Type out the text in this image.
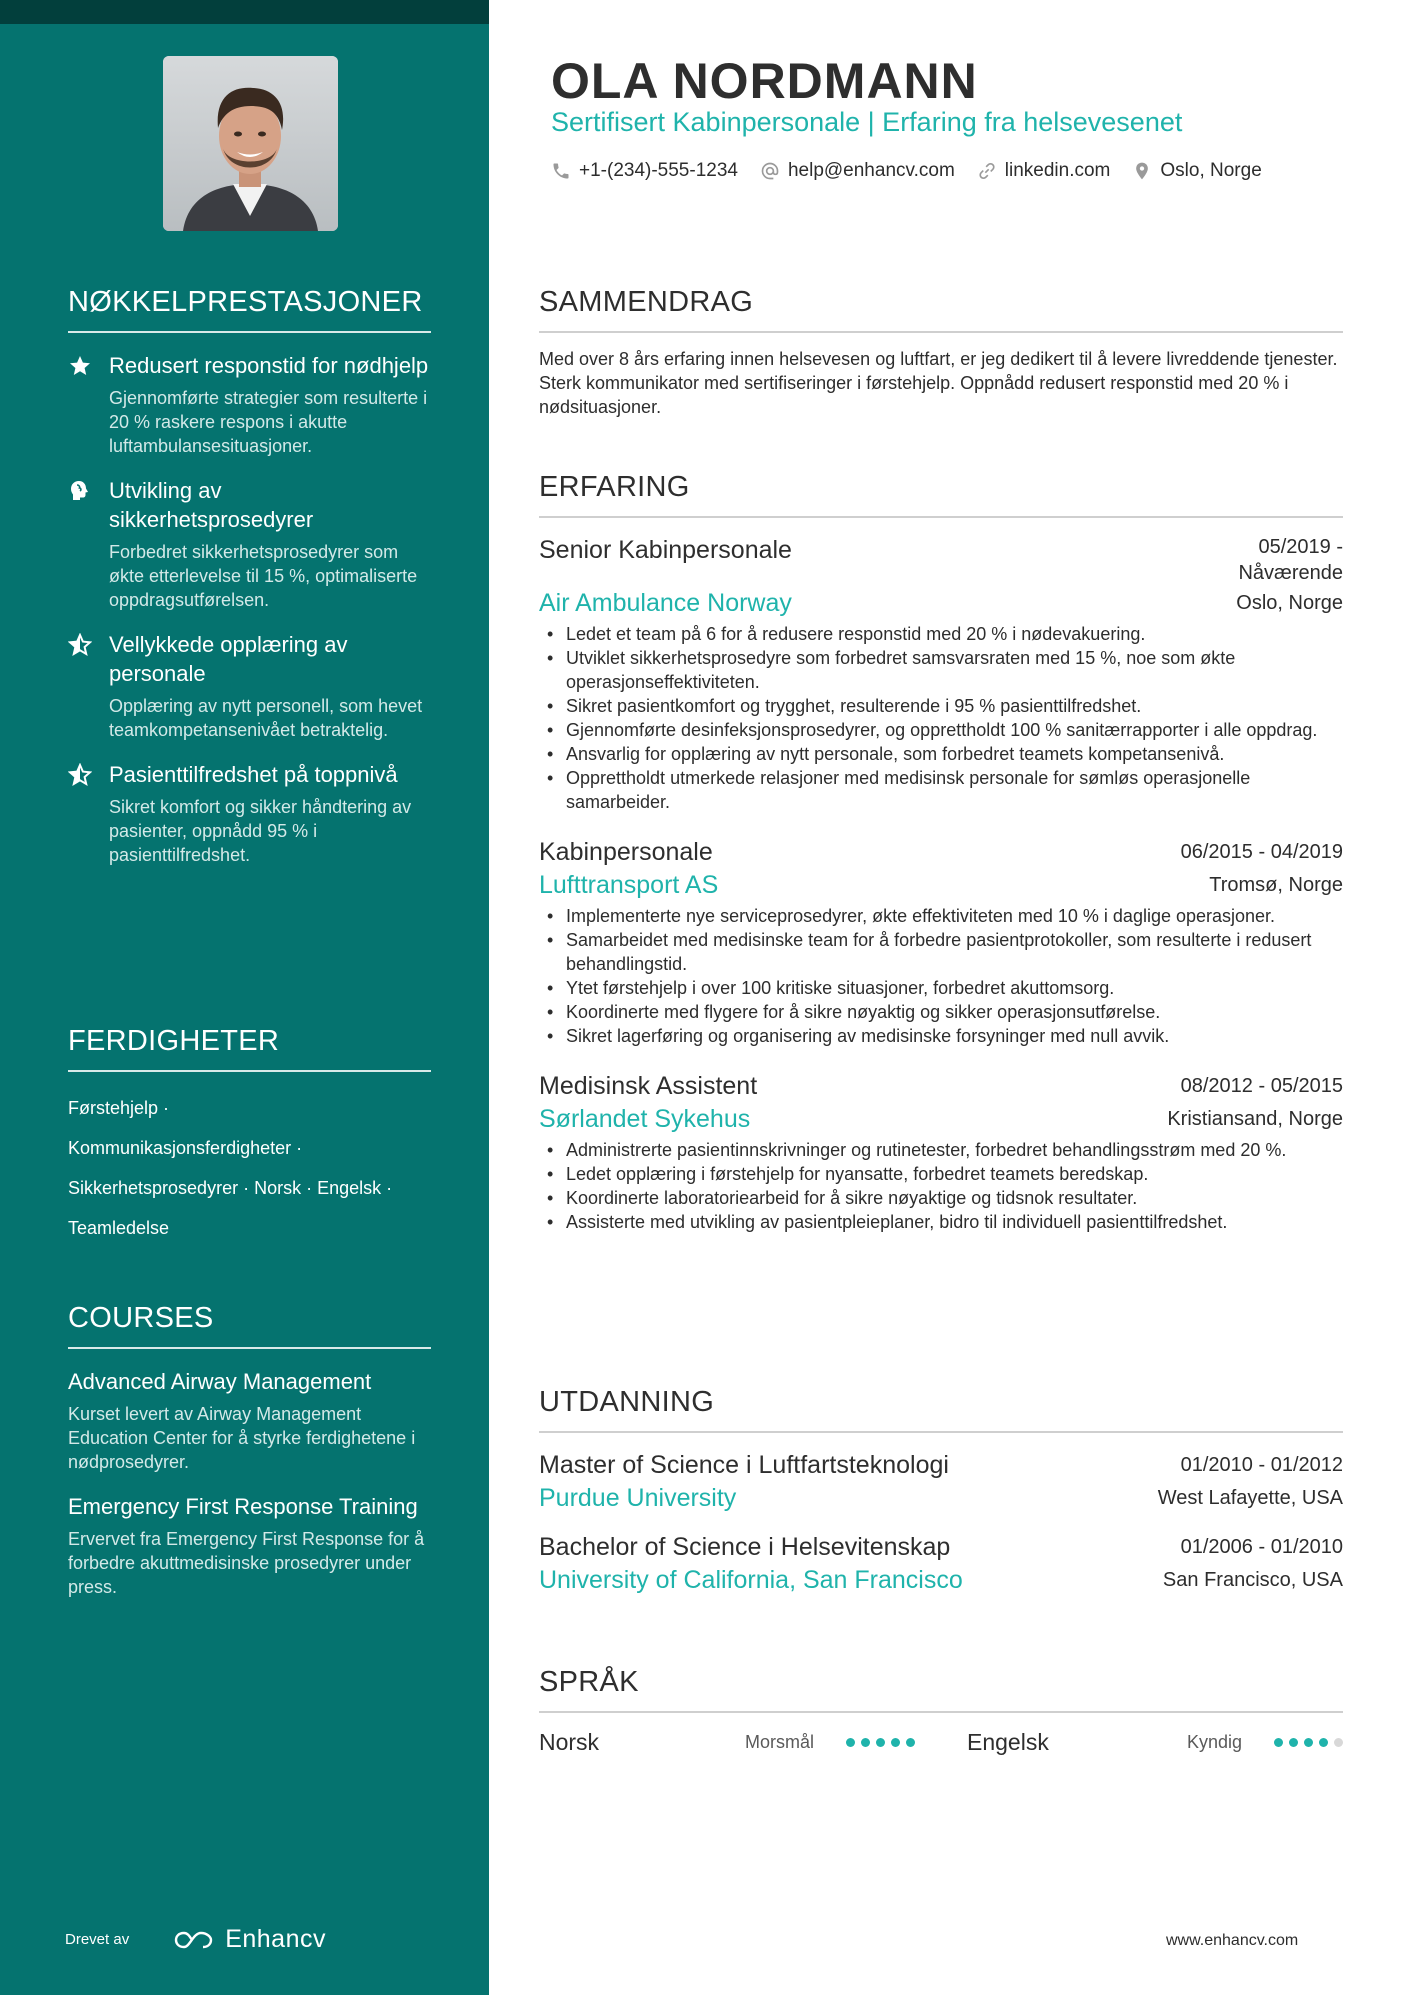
NØKKELPRESTASJONER
Redusert responstid for nødhjelp
Gjennomførte strategier som resulterte i 20 % raskere respons i akutte luftambulansesituasjoner.
Utvikling av sikkerhetsprosedyrer
Forbedret sikkerhetsprosedyrer som økte etterlevelse til 15 %, optimaliserte oppdragsutførelsen.
Vellykkede opplæring av personale
Opplæring av nytt personell, som hevet teamkompetansenivået betraktelig.
Pasienttilfredshet på toppnivå
Sikret komfort og sikker håndtering av pasienter, oppnådd 95 % i pasienttilfredshet.
FERDIGHETER
Førstehjelp ·
Kommunikasjonsferdigheter ·
Sikkerhetsprosedyrer · Norsk · Engelsk ·
Teamledelse
COURSES
Advanced Airway Management
Kurset levert av Airway Management Education Center for å styrke ferdighetene i nødprosedyrer.
Emergency First Response Training
Ervervet fra Emergency First Response for å forbedre akuttmedisinske prosedyrer under press.
Drevet av	Enhancv
OLA NORDMANN
Sertifisert Kabinpersonale | Erfaring fra helsevesenet
+1-(234)-555-1234	help@enhancv.com	linkedin.com	Oslo, Norge
SAMMENDRAG
Med over 8 års erfaring innen helsevesen og luftfart, er jeg dedikert til å levere livreddende tjenester. Sterk kommunikator med sertifiseringer i førstehjelp. Oppnådd redusert responstid med 20 % i nødsituasjoner.
ERFARING
Senior Kabinpersonale	05/2019 -
Nåværende
Air Ambulance Norway	Oslo, Norge
• Ledet et team på 6 for å redusere responstid med 20 % i nødevakuering.
• Utviklet sikkerhetsprosedyre som forbedret samsvarsraten med 15 %, noe som økte operasjonseffektiviteten.
• Sikret pasientkomfort og trygghet, resulterende i 95 % pasienttilfredshet.
• Gjennomførte desinfeksjonsprosedyrer, og opprettholdt 100 % sanitærrapporter i alle oppdrag.
• Ansvarlig for opplæring av nytt personale, som forbedret teamets kompetansenivå.
• Opprettholdt utmerkede relasjoner med medisinsk personale for sømløs operasjonelle samarbeider.
Kabinpersonale	06/2015 - 04/2019
Lufttransport AS	Tromsø, Norge
• Implementerte nye serviceprosedyrer, økte effektiviteten med 10 % i daglige operasjoner.
• Samarbeidet med medisinske team for å forbedre pasientprotokoller, som resulterte i redusert behandlingstid.
• Ytet førstehjelp i over 100 kritiske situasjoner, forbedret akuttomsorg.
• Koordinerte med flygere for å sikre nøyaktig og sikker operasjonsutførelse.
• Sikret lagerføring og organisering av medisinske forsyninger med null avvik.
Medisinsk Assistent	08/2012 - 05/2015
Sørlandet Sykehus	Kristiansand, Norge
• Administrerte pasientinnskrivninger og rutinetester, forbedret behandlingsstrøm med 20 %.
• Ledet opplæring i førstehjelp for nyansatte, forbedret teamets beredskap.
• Koordinerte laboratoriearbeid for å sikre nøyaktige og tidsnok resultater.
• Assisterte med utvikling av pasientpleieplaner, bidro til individuell pasienttilfredshet.
UTDANNING
Master of Science i Luftfartsteknologi	01/2010 - 01/2012
Purdue University	West Lafayette, USA
Bachelor of Science i Helsevitenskap	01/2006 - 01/2010
University of California, San Francisco	San Francisco, USA
SPRÅK
Norsk	Morsmål	Engelsk	Kyndig
www.enhancv.com
